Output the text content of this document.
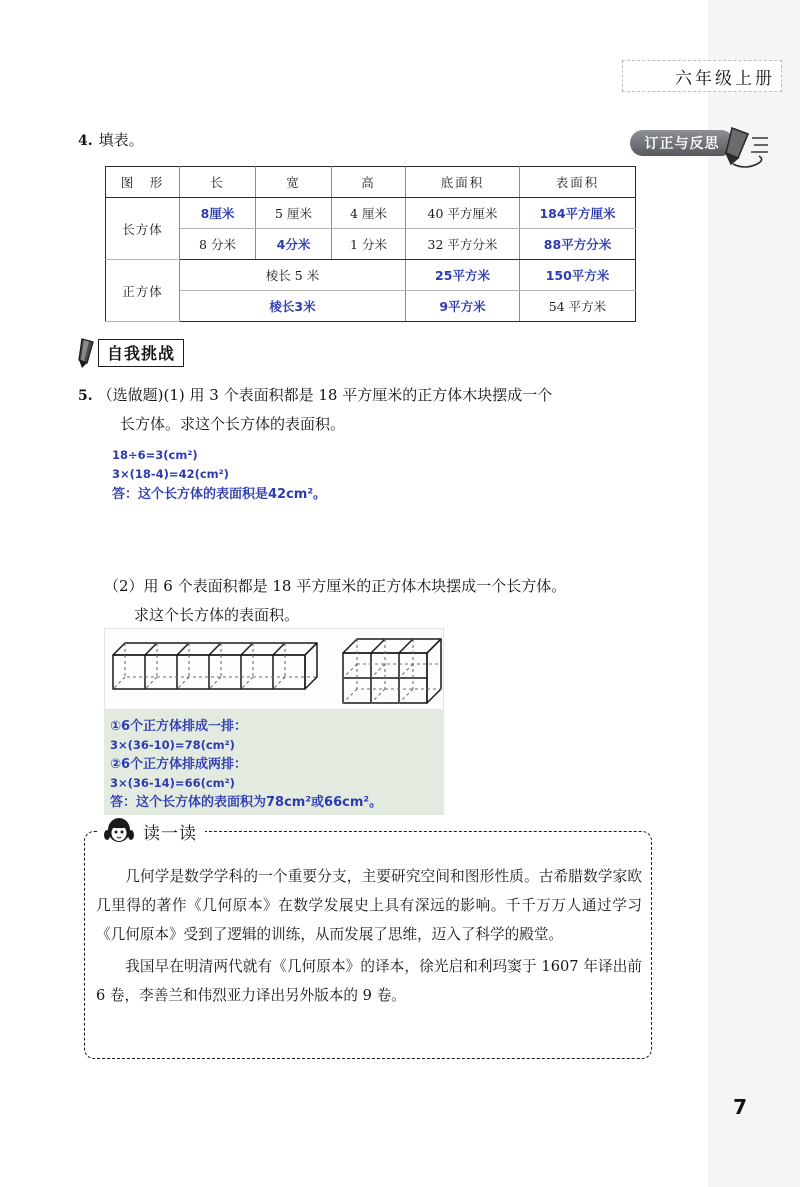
六年级上册
订正与反思
4. 填表。
图　形	长	宽	高	底面积	表面积
长方体	8厘米	5 厘米	4 厘米	40 平方厘米	184平方厘米
	8 分米	4分米	1 分米	32 平方分米	88平方分米
正方体	棱长 5 米			25平方米	150平方米
	棱长3米			9平方米	54 平方米
自我挑战
5. （选做题)(1) 用 3 个表面积都是 18 平方厘米的正方体木块摆成一个
长方体。求这个长方体的表面积。
18÷6=3(cm²)
3×(18-4)=42(cm²)
答：这个长方体的表面积是42cm²。
（2）用 6 个表面积都是 18 平方厘米的正方体木块摆成一个长方体。
求这个长方体的表面积。
①6个正方体排成一排：
3×(36-10)=78(cm²)
②6个正方体排成两排：
3×(36-14)=66(cm²)
答：这个长方体的表面积为78cm²或66cm²。
读一读

几何学是数学学科的一个重要分支，主要研究空间和图形性质。古希腊数学家欧几里得的著作《几何原本》在数学发展史上具有深远的影响。千千万万人通过学习《几何原本》受到了逻辑的训练，从而发展了思维，迈入了科学的殿堂。

我国早在明清两代就有《几何原本》的译本，徐光启和利玛窦于 1607 年译出前 6 卷，李善兰和伟烈亚力译出另外版本的 9 卷。

7
